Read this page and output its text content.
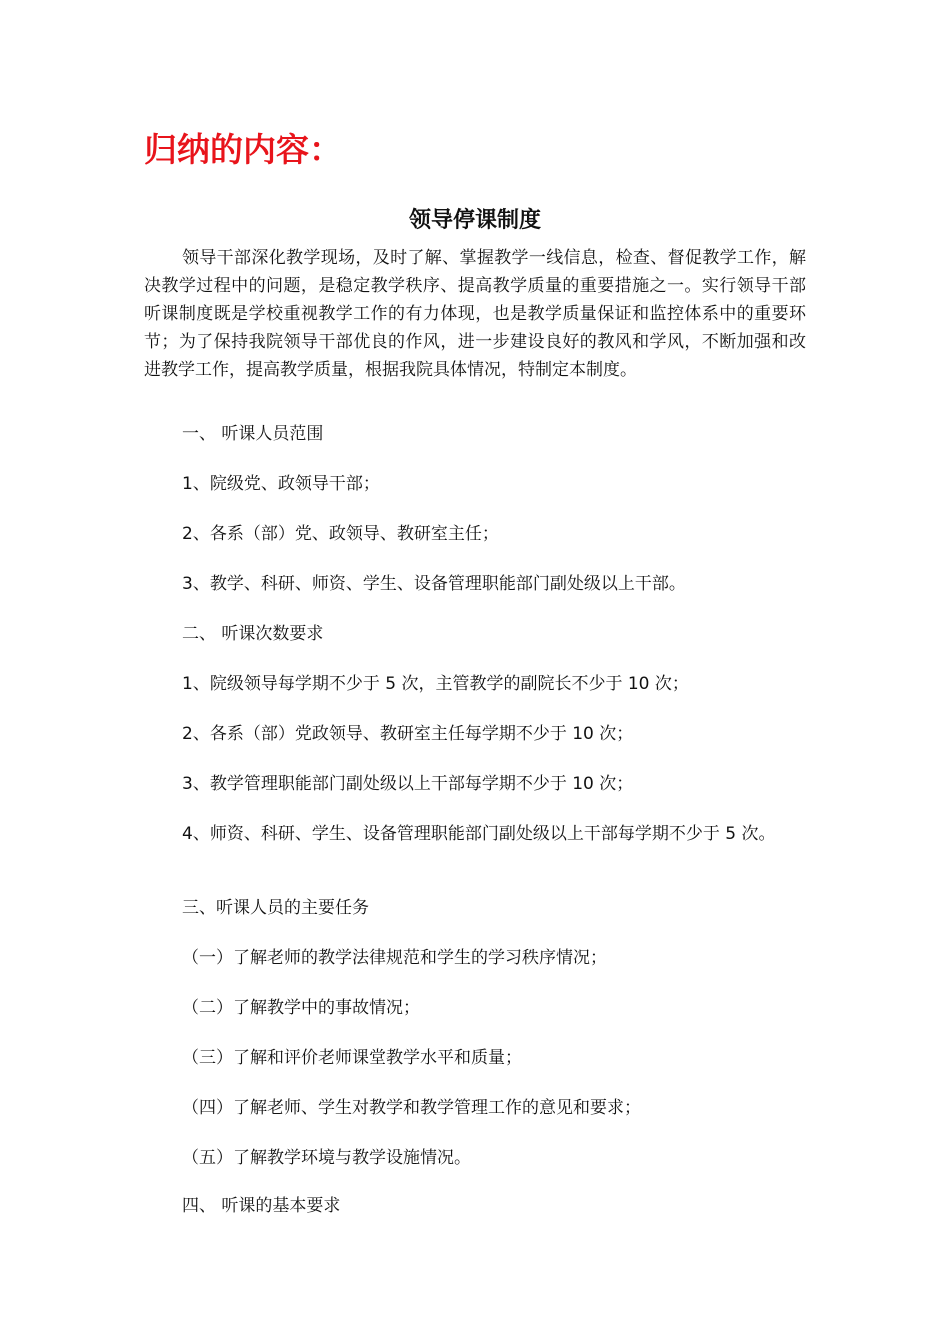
归纳的内容：
领导停课制度

领导干部深化教学现场，及时了解、掌握教学一线信息，检查、督促教学工作，解决教学过程中的问题，是稳定教学秩序、提高教学质量的重要措施之一。实行领导干部听课制度既是学校重视教学工作的有力体现，也是教学质量保证和监控体系中的重要环节；为了保持我院领导干部优良的作风，进一步建设良好的教风和学风，不断加强和改进教学工作，提高教学质量，根据我院具体情况，特制定本制度。

一、 听课人员范围
1、院级党、政领导干部；
2、各系（部）党、政领导、教研室主任；
3、教学、科研、师资、学生、设备管理职能部门副处级以上干部。
二、 听课次数要求
1、院级领导每学期不少于 5 次，主管教学的副院长不少于 10 次；
2、各系（部）党政领导、教研室主任每学期不少于 10 次；
3、教学管理职能部门副处级以上干部每学期不少于 10 次；
4、师资、科研、学生、设备管理职能部门副处级以上干部每学期不少于 5 次。
三、听课人员的主要任务
（一）了解老师的教学法律规范和学生的学习秩序情况；
（二）了解教学中的事故情况；
（三）了解和评价老师课堂教学水平和质量；
（四）了解老师、学生对教学和教学管理工作的意见和要求；
（五）了解教学环境与教学设施情况。
四、 听课的基本要求
